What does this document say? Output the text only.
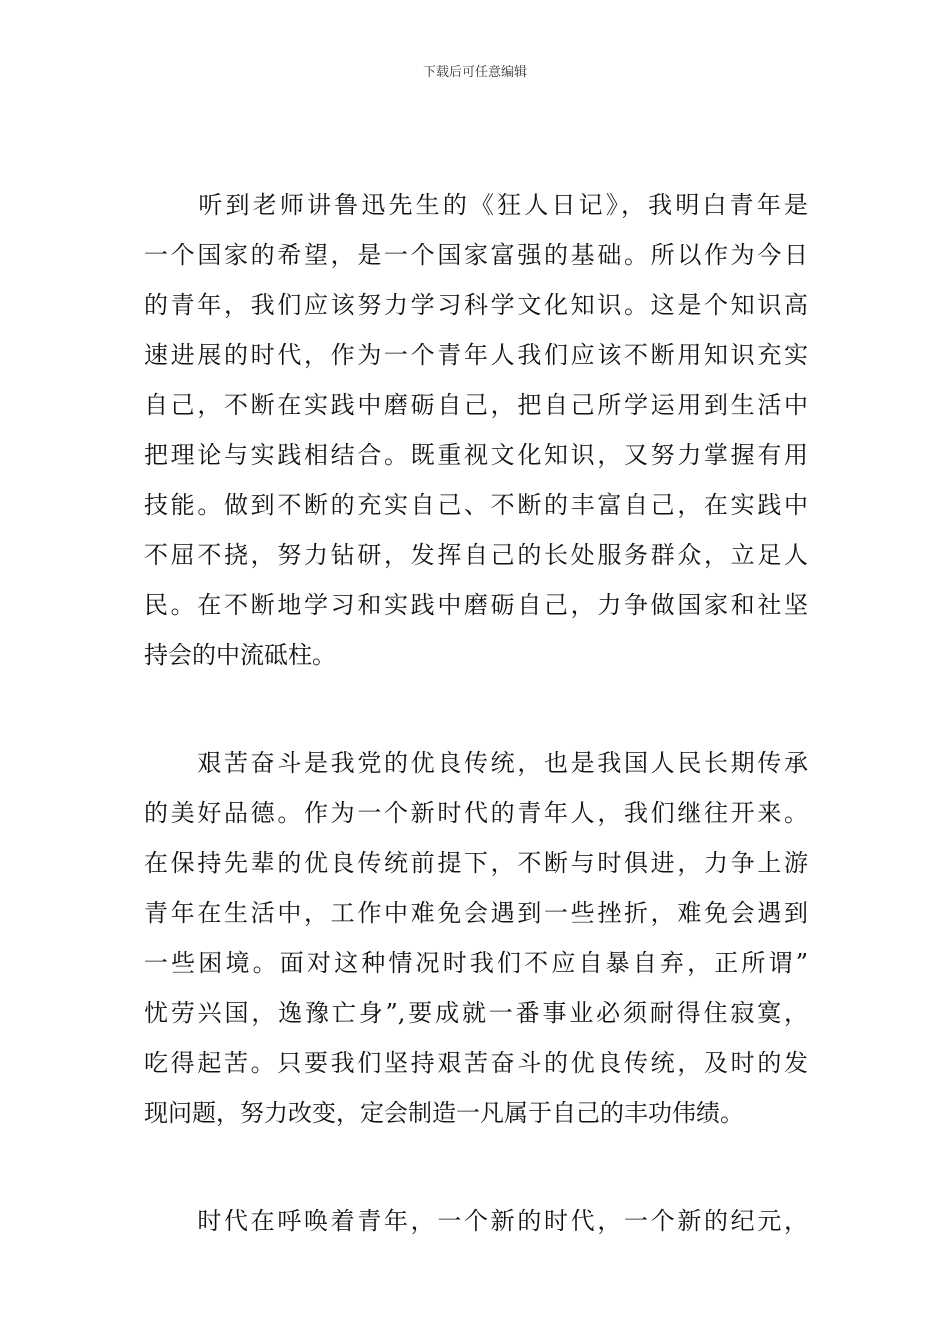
下载后可任意编辑
　　听到老师讲鲁迅先生的《狂人日记》，我明白青年是
一个国家的希望，是一个国家富强的基础。所以作为今日
的青年，我们应该努力学习科学文化知识。这是个知识高
速进展的时代，作为一个青年人我们应该不断用知识充实
自己，不断在实践中磨砺自己，把自己所学运用到生活中
把理论与实践相结合。既重视文化知识，又努力掌握有用
技能。做到不断的充实自己、不断的丰富自己，在实践中
不屈不挠，努力钻研，发挥自己的长处服务群众，立足人
民。在不断地学习和实践中磨砺自己，力争做国家和社坚
持会的中流砥柱。
　　艰苦奋斗是我党的优良传统，也是我国人民长期传承
的美好品德。作为一个新时代的青年人，我们继往开来。
在保持先辈的优良传统前提下，不断与时俱进，力争上游
青年在生活中，工作中难免会遇到一些挫折，难免会遇到
一些困境。面对这种情况时我们不应自暴自弃，正所谓”
忧劳兴国，逸豫亡身”,要成就一番事业必须耐得住寂寞，
吃得起苦。只要我们坚持艰苦奋斗的优良传统，及时的发
现问题，努力改变，定会制造一凡属于自己的丰功伟绩。
　　时代在呼唤着青年，一个新的时代，一个新的纪元，
